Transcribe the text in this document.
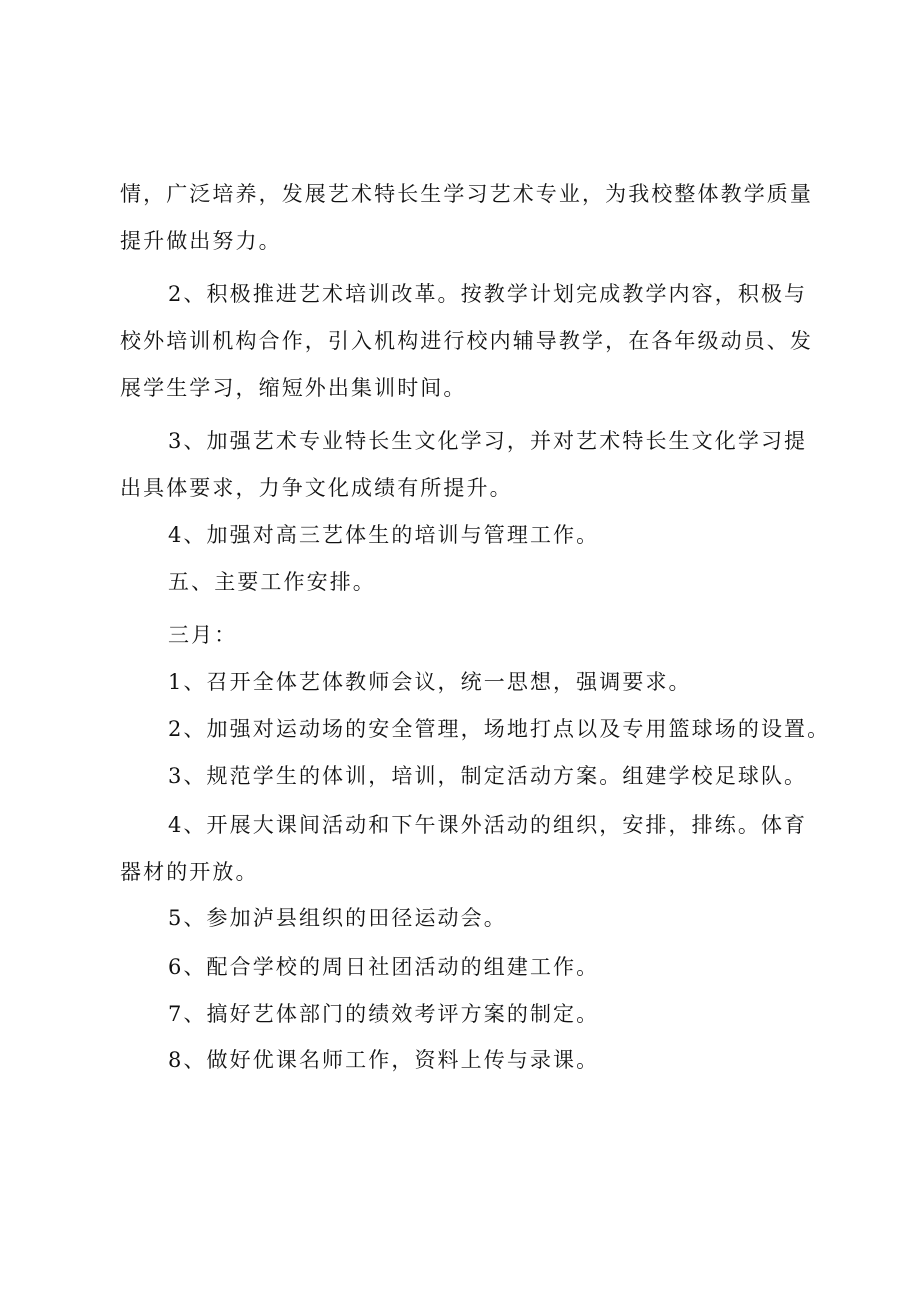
情，广泛培养，发展艺术特长生学习艺术专业，为我校整体教学质量
提升做出努力。

2、积极推进艺术培训改革。按教学计划完成教学内容，积极与
校外培训机构合作，引入机构进行校内辅导教学，在各年级动员、发
展学生学习，缩短外出集训时间。

3、加强艺术专业特长生文化学习，并对艺术特长生文化学习提
出具体要求，力争文化成绩有所提升。

4、加强对高三艺体生的培训与管理工作。

五、主要工作安排。

三月：

1、召开全体艺体教师会议，统一思想，强调要求。

2、加强对运动场的安全管理，场地打点以及专用篮球场的设置。

3、规范学生的体训，培训，制定活动方案。组建学校足球队。

4、开展大课间活动和下午课外活动的组织，安排，排练。体育
器材的开放。

5、参加泸县组织的田径运动会。

6、配合学校的周日社团活动的组建工作。

7、搞好艺体部门的绩效考评方案的制定。

8、做好优课名师工作，资料上传与录课。
